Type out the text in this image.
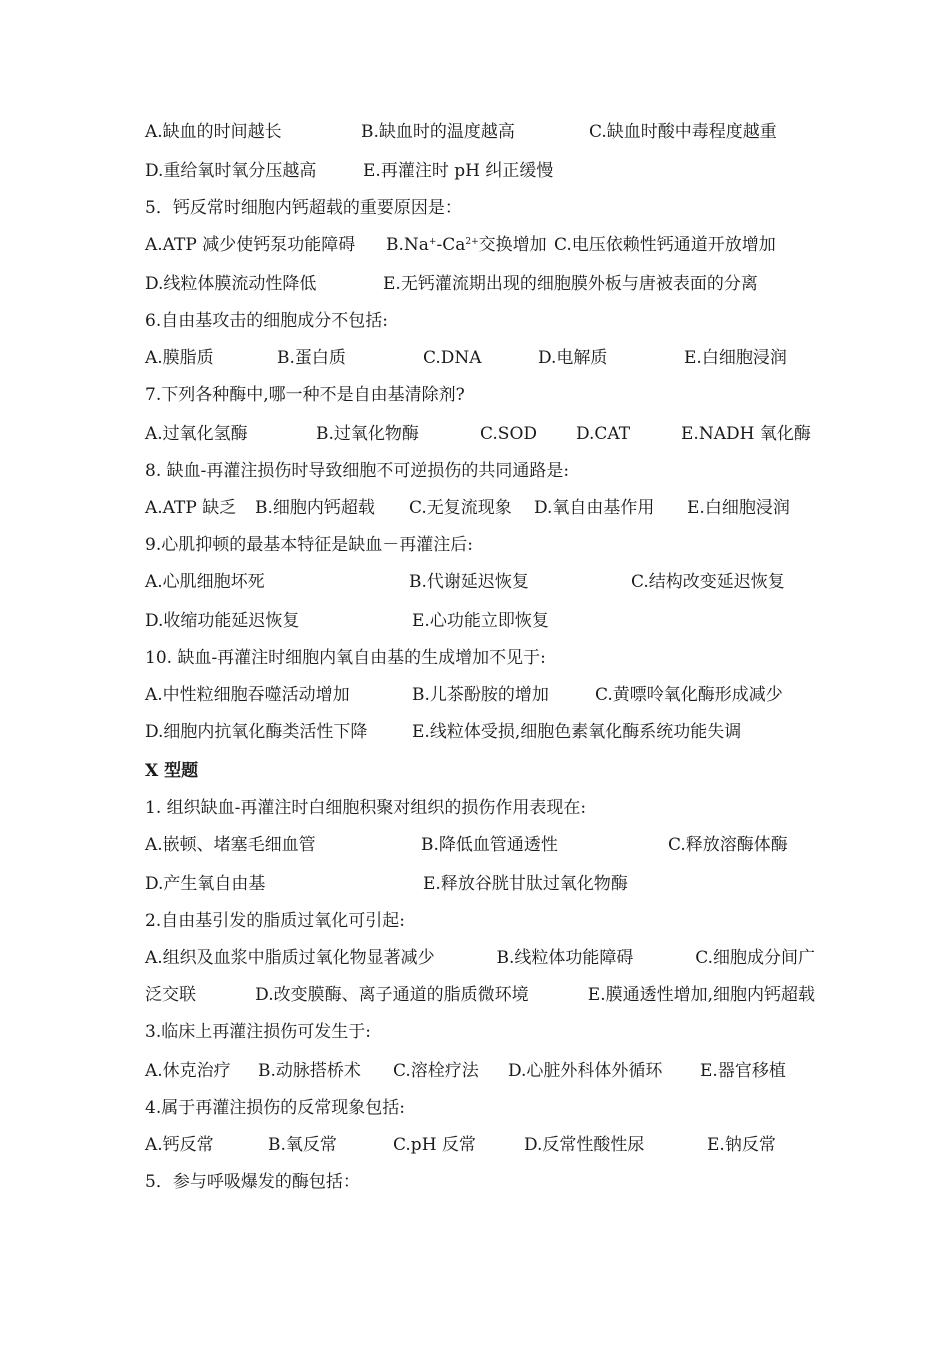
A.缺血的时间越长	B.缺血时的温度越高	C.缺血时酸中毒程度越重
D.重给氧时氧分压越高	E.再灌注时 pH 纠正缓慢
5．钙反常时细胞内钙超载的重要原因是：
A.ATP 减少使钙泵功能障碍	$B.Na^+-Ca^{2+}$交换增加 C.电压依赖性钙通道开放增加
D.线粒体膜流动性降低	E.无钙灌流期出现的细胞膜外板与唐被表面的分离
6.自由基攻击的细胞成分不包括:
A.膜脂质	B.蛋白质	C.DNA	D.电解质	E.白细胞浸润
7.下列各种酶中,哪一种不是自由基清除剂?
A.过氧化氢酶	B.过氧化物酶	C.SOD	D.CAT	E.NADH 氧化酶
8. 缺血-再灌注损伤时导致细胞不可逆损伤的共同通路是:
A.ATP 缺乏	B.细胞内钙超载	C.无复流现象	D.氧自由基作用	E.白细胞浸润
9.心肌抑顿的最基本特征是缺血－再灌注后:
A.心肌细胞坏死	B.代谢延迟恢复	C.结构改变延迟恢复
D.收缩功能延迟恢复	E.心功能立即恢复
10. 缺血-再灌注时细胞内氧自由基的生成增加不见于:
A.中性粒细胞吞噬活动增加	B.儿茶酚胺的增加	C.黄嘌呤氧化酶形成减少
D.细胞内抗氧化酶类活性下降	E.线粒体受损,细胞色素氧化酶系统功能失调
X 型题
1. 组织缺血-再灌注时白细胞积聚对组织的损伤作用表现在:
A.嵌顿、堵塞毛细血管	B.降低血管通透性	C.释放溶酶体酶
D.产生氧自由基	E.释放谷胱甘肽过氧化物酶
2.自由基引发的脂质过氧化可引起:
A.组织及血浆中脂质过氧化物显著减少	B.线粒体功能障碍	C.细胞成分间广
泛交联	D.改变膜酶、离子通道的脂质微环境	E.膜通透性增加,细胞内钙超载
3.临床上再灌注损伤可发生于:
A.休克治疗	B.动脉搭桥术	C.溶栓疗法	D.心脏外科体外循环	E.器官移植
4.属于再灌注损伤的反常现象包括:
A.钙反常	B.氧反常	C.pH 反常	D.反常性酸性尿	E.钠反常
5．参与呼吸爆发的酶包括：
